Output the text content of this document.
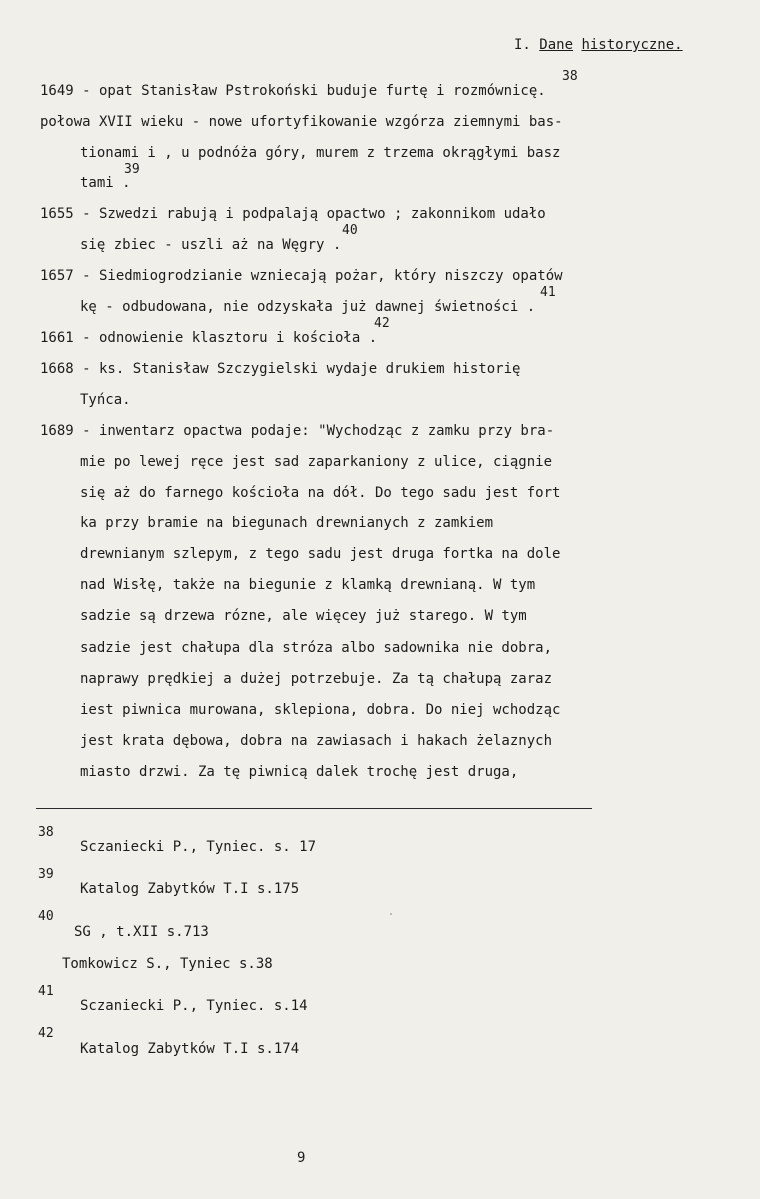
I. Dane historyczne.
1649 - opat Stanisław Pstrokoński buduje furtę i rozmównicę.
38
połowa XVII wieku - nowe ufortyfikowanie wzgórza ziemnymi bas-
tionami i , u podnóża góry, murem z trzema okrągłymi basz
tami .
39
1655 - Szwedzi rabują i podpalają opactwo ; zakonnikom udało
się zbiec - uszli aż na Węgry .
40
1657 - Siedmiogrodzianie wzniecają pożar, który niszczy opatów
kę - odbudowana, nie odzyskała już dawnej świetności .
41
1661 - odnowienie klasztoru i kościoła .
42
1668 - ks. Stanisław Szczygielski wydaje drukiem historię
Tyńca.
1689 - inwentarz opactwa podaje: "Wychodząc z zamku przy bra-
mie po lewej ręce jest sad zaparkaniony z ulice, ciągnie
się aż do farnego kościoła na dół. Do tego sadu jest fort
ka przy bramie na biegunach drewnianych z zamkiem
drewnianym szlepym, z tego sadu jest druga fortka na dole
nad Wisłę, także na biegunie z klamką drewnianą. W tym
sadzie są drzewa rózne, ale więcey już starego. W tym
sadzie jest chałupa dla stróza albo sadownika nie dobra,
naprawy prędkiej a dużej potrzebuje. Za tą chałupą zaraz
iest piwnica murowana, sklepiona, dobra. Do niej wchodząc
jest krata dębowa, dobra na zawiasach i hakach żelaznych
miasto drzwi. Za tę piwnicą dalek trochę jest druga,
38
Sczaniecki P., Tyniec. s. 17
39
Katalog Zabytków T.I s.175
40
SG , t.XII s.713
Tomkowicz S., Tyniec s.38
41
Sczaniecki P., Tyniec. s.14
42
Katalog Zabytków T.I s.174
9
